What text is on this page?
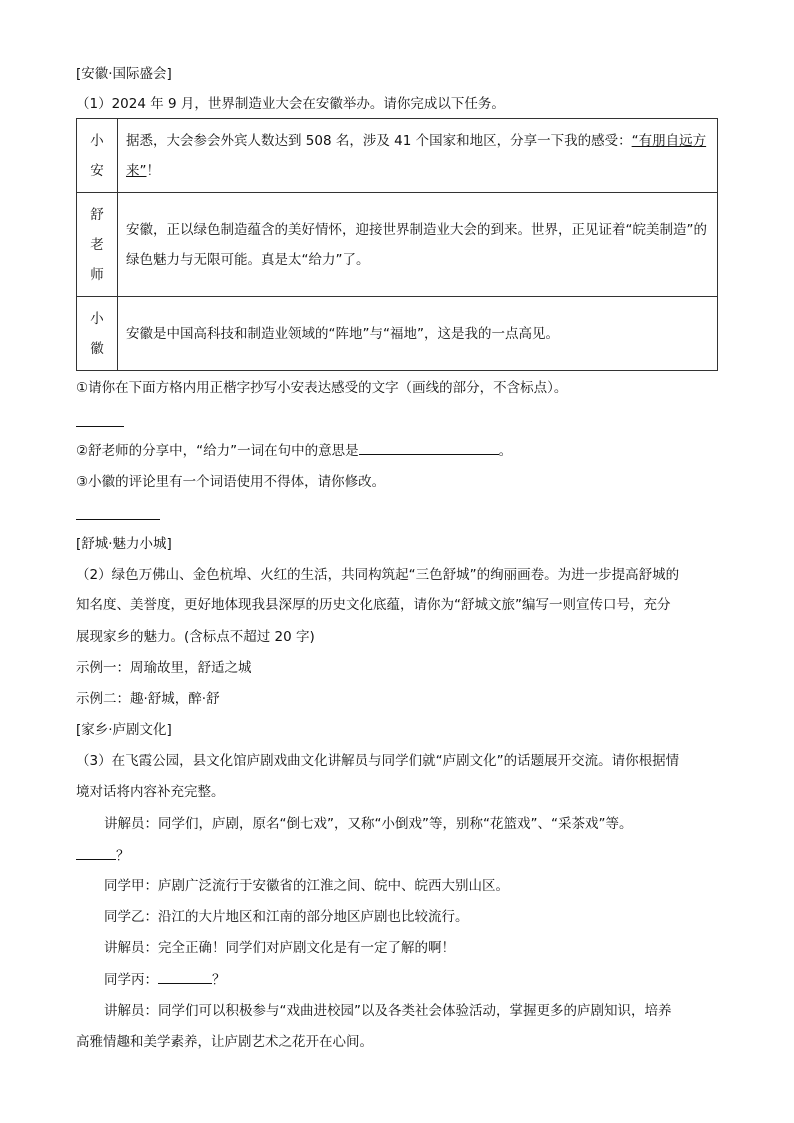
[安徽·国际盛会]
（1）2024 年 9 月，世界制造业大会在安徽举办。请你完成以下任务。
小
安	据悉，大会参会外宾人数达到 508 名，涉及 41 个国家和地区，分享一下我的感受：“有朋自远方来”！

舒
老
师	安徽，正以绿色制造蕴含的美好情怀，迎接世界制造业大会的到来。世界，正见证着“皖美制造”的绿色魅力与无限可能。真是太“给力”了。

小
徽	安徽是中国高科技和制造业领域的“阵地”与“福地”，这是我的一点高见。
①请你在下面方格内用正楷字抄写小安表达感受的文字（画线的部分，不含标点）。
②舒老师的分享中，“给力”一词在句中的意思是	。
③小徽的评论里有一个词语使用不得体，请你修改。
[舒城·魅力小城]
（2）绿色万佛山、金色杭埠、火红的生活，共同构筑起“三色舒城”的绚丽画卷。为进一步提高舒城的
知名度、美誉度，更好地体现我县深厚的历史文化底蕴，请你为“舒城文旅”编写一则宣传口号，充分
展现家乡的魅力。(含标点不超过 20 字)
示例一：周瑜故里，舒适之城
示例二：趣·舒城，醉·舒
[家乡·庐剧文化]
（3）在飞霞公园，县文化馆庐剧戏曲文化讲解员与同学们就“庐剧文化”的话题展开交流。请你根据情
境对话将内容补充完整。
讲解员：同学们，庐剧，原名“倒七戏”，又称“小倒戏”等，别称“花篮戏”、“采茶戏”等。
？
同学甲：庐剧广泛流行于安徽省的江淮之间、皖中、皖西大别山区。
同学乙：沿江的大片地区和江南的部分地区庐剧也比较流行。
讲解员：完全正确！同学们对庐剧文化是有一定了解的啊！
同学丙：	？
讲解员：同学们可以积极参与“戏曲进校园”以及各类社会体验活动，掌握更多的庐剧知识，培养
高雅情趣和美学素养，让庐剧艺术之花开在心间。
